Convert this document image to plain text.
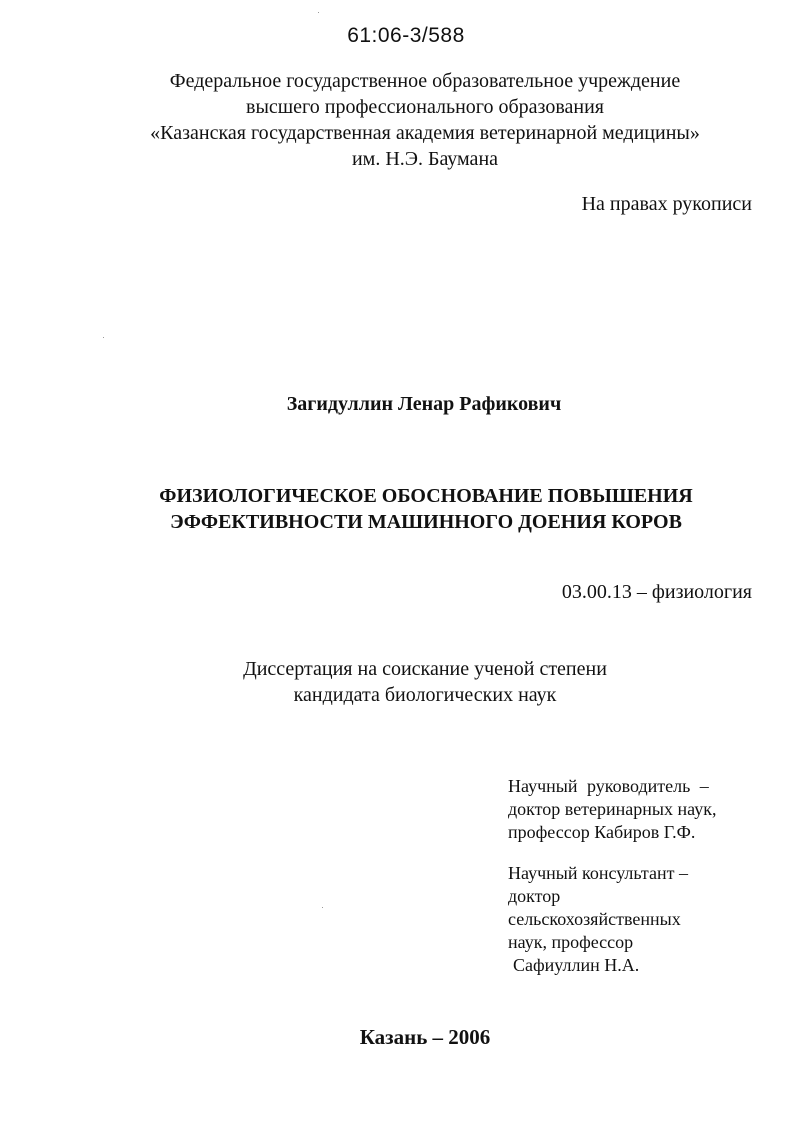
61:06-3/588
Федеральное государственное образовательное учреждение
высшего профессионального образования
«Казанская государственная академия ветеринарной медицины»
им. Н.Э. Баумана
На правах рукописи
Загидуллин Ленар Рафикович
ФИЗИОЛОГИЧЕСКОЕ ОБОСНОВАНИЕ ПОВЫШЕНИЯ
ЭФФЕКТИВНОСТИ МАШИННОГО ДОЕНИЯ КОРОВ
03.00.13 – физиология
Диссертация на соискание ученой степени
кандидата биологических наук
Научный руководитель –
доктор ветеринарных наук,
профессор Кабиров Г.Ф.
Научный консультант –
доктор
сельскохозяйственных
наук, профессор
Сафиуллин Н.А.
Казань – 2006
